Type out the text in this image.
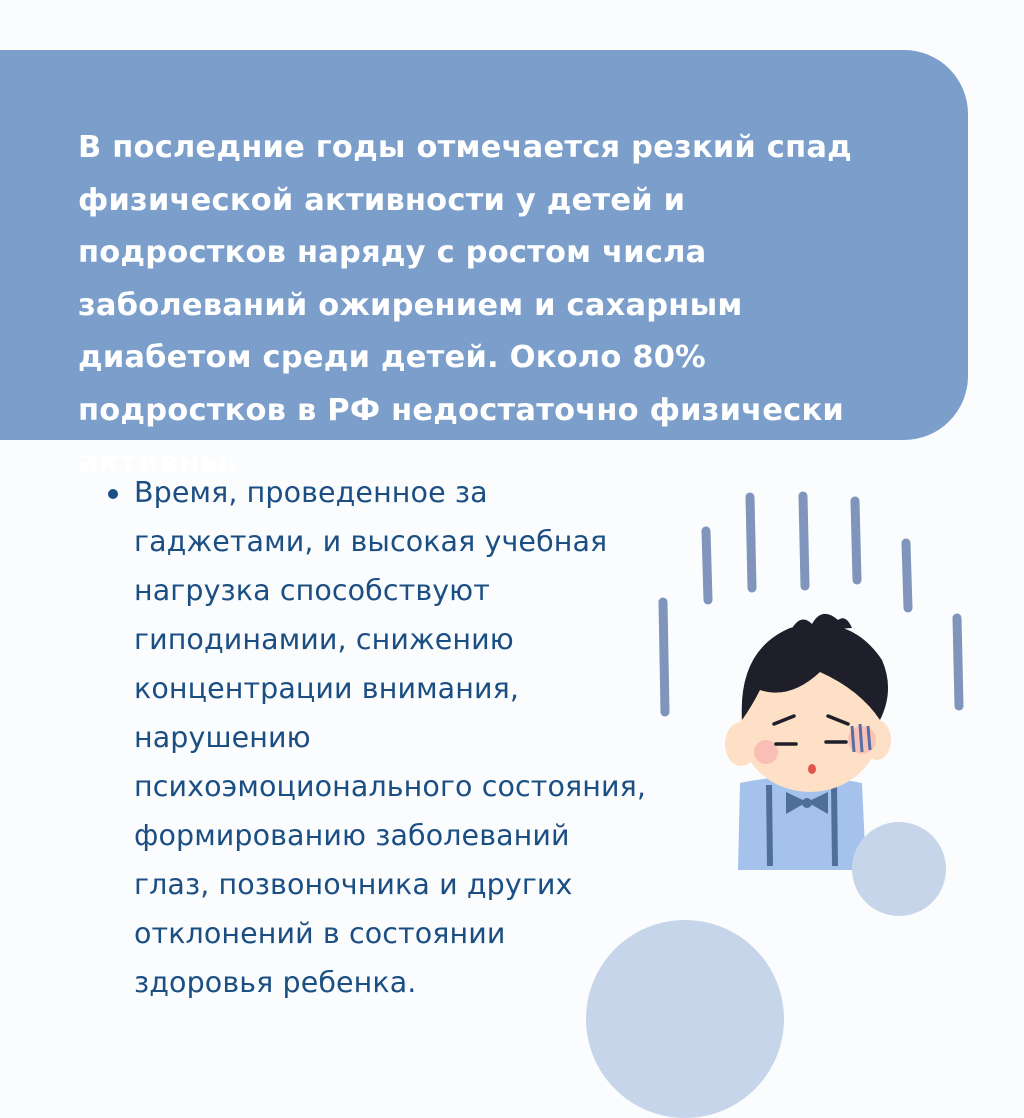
В последние годы отмечается резкий спад
физической активности у детей и
подростков наряду с ростом числа
заболеваний ожирением и сахарным
диабетом среди детей. Около 80%
подростков в РФ недостаточно физически
активны.

Время, проведенное за
гаджетами, и высокая учебная
нагрузка способствуют
гиподинамии, снижению
концентрации внимания,
нарушению
психоэмоционального состояния,
формированию заболеваний
глаз, позвоночника и других
отклонений в состоянии
здоровья ребенка.
